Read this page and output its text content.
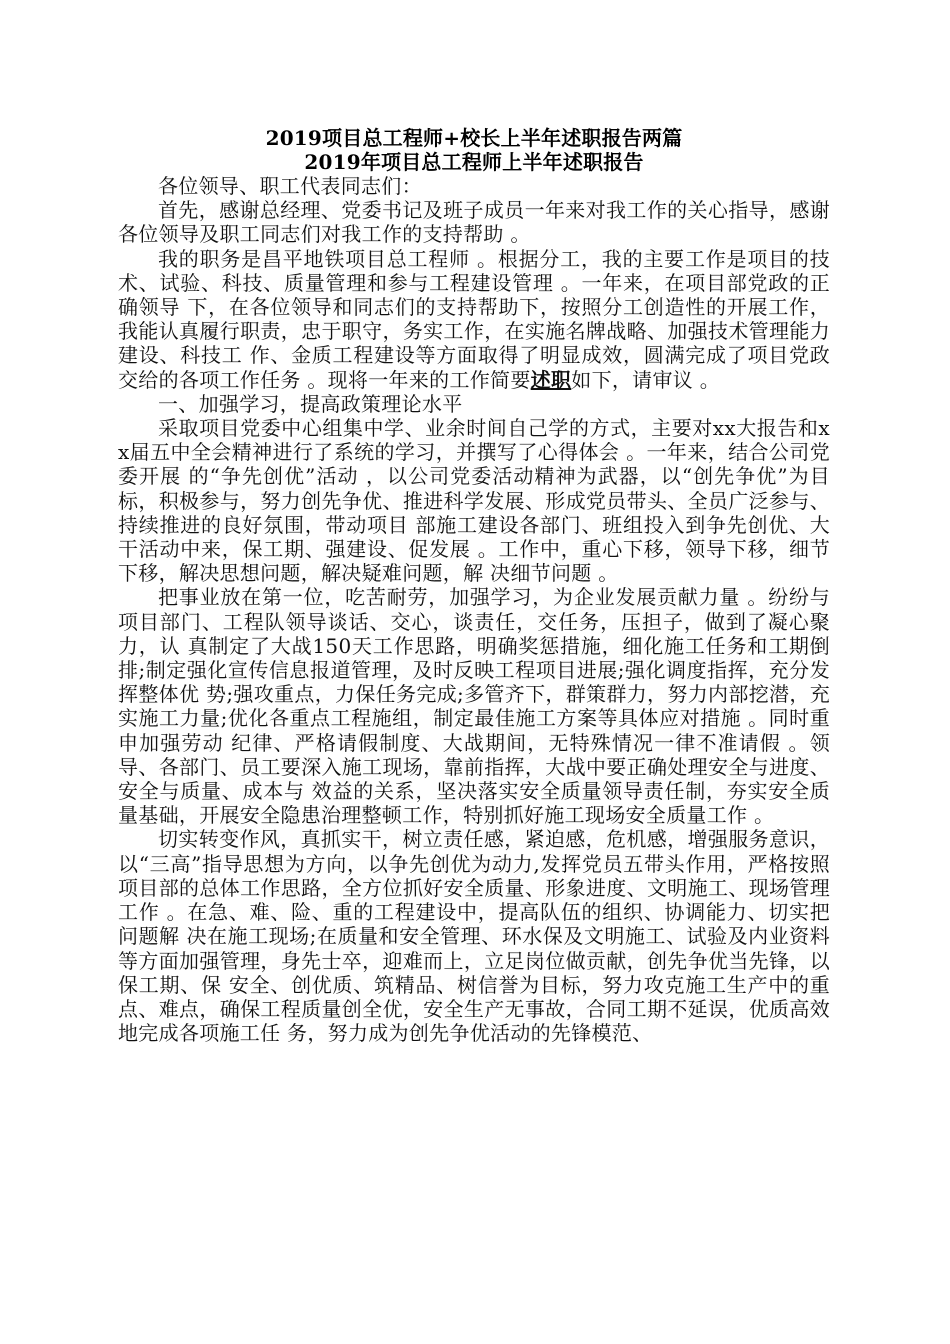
2019项目总工程师+校长上半年述职报告两篇
2019年项目总工程师上半年述职报告

各位领导、职工代表同志们：

首先，感谢总经理、党委书记及班子成员一年来对我工作的关心指导，感谢各位领导及职工同志们对我工作的支持帮助 。

我的职务是昌平地铁项目总工程师 。根据分工，我的主要工作是项目的技术、试验、科技、质量管理和参与工程建设管理 。一年来，在项目部党政的正确领导 下，在各位领导和同志们的支持帮助下，按照分工创造性的开展工作，我能认真履行职责，忠于职守，务实工作，在实施名牌战略、加强技术管理能力建设、科技工 作、金质工程建设等方面取得了明显成效，圆满完成了项目党政交给的各项工作任务 。现将一年来的工作简要述职如下，请审议 。

一、加强学习，提高政策理论水平

采取项目党委中心组集中学、业余时间自己学的方式，主要对xx大报告和xx届五中全会精神进行了系统的学习，并撰写了心得体会 。一年来，结合公司党委开展 的“争先创优”活动 ，以公司党委活动精神为武器，以“创先争优”为目标，积极参与，努力创先争优、推进科学发展、形成党员带头、全员广泛参与、持续推进的良好氛围，带动项目 部施工建设各部门、班组投入到争先创优、大干活动中来，保工期、强建设、促发展 。工作中，重心下移，领导下移，细节下移，解决思想问题，解决疑难问题，解 决细节问题 。

把事业放在第一位，吃苦耐劳，加强学习，为企业发展贡献力量 。纷纷与项目部门、工程队领导谈话、交心，谈责任，交任务，压担子，做到了凝心聚力，认 真制定了大战150天工作思路，明确奖惩措施，细化施工任务和工期倒排;制定强化宣传信息报道管理，及时反映工程项目进展;强化调度指挥，充分发挥整体优 势;强攻重点，力保任务完成;多管齐下，群策群力，努力内部挖潜，充实施工力量;优化各重点工程施组，制定最佳施工方案等具体应对措施 。同时重申加强劳动 纪律、严格请假制度、大战期间，无特殊情况一律不准请假 。领导、各部门、员工要深入施工现场，靠前指挥，大战中要正确处理安全与进度、安全与质量、成本与 效益的关系，坚决落实安全质量领导责任制，夯实安全质量基础，开展安全隐患治理整顿工作，特别抓好施工现场安全质量工作 。

切实转变作风，真抓实干，树立责任感，紧迫感，危机感，增强服务意识，以“三高”指导思想为方向，以争先创优为动力,发挥党员五带头作用，严格按照 项目部的总体工作思路，全方位抓好安全质量、形象进度、文明施工、现场管理工作 。在急、难、险、重的工程建设中，提高队伍的组织、协调能力、切实把问题解 决在施工现场;在质量和安全管理、环水保及文明施工、试验及内业资料等方面加强管理，身先士卒，迎难而上，立足岗位做贡献，创先争优当先锋，以保工期、保 安全、创优质、筑精品、树信誉为目标，努力攻克施工生产中的重点、难点，确保工程质量创全优，安全生产无事故，合同工期不延误，优质高效地完成各项施工任 务，努力成为创先争优活动的先锋模范、
